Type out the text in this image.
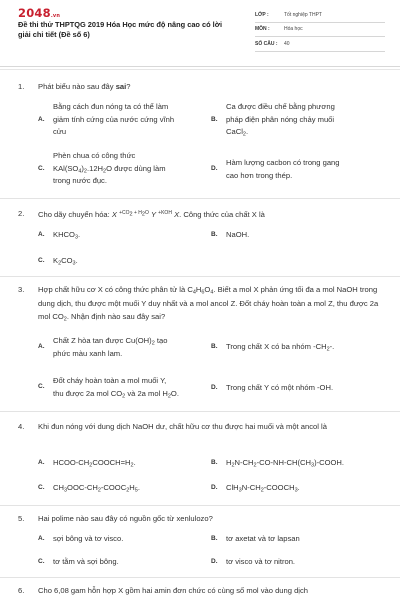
2048.vn
Đề thi thử THPTQG 2019 Hóa Học mức độ nâng cao có lời giải chi tiết (Đề số 6)
LỚP :	Tốt nghiệp THPT
MÔN :	Hóa học
SỐ CÂU :	40
1.	Phát biểu nào sau đây sai?
A.
Bằng cách đun nóng ta có thể làm
giảm tính cứng của nước cứng vĩnh
cửu
B.
Ca được điều chế bằng phương
pháp điện phân nóng chảy muối
CaCl$_2$.
C.
Phèn chua có công thức
$KAl(SO_4)_2.12H_2O$ được dùng làm
trong nước đục.
D.
Hàm lượng cacbon có trong gang
cao hơn trong thép.
2.	Cho dãy chuyển hóa: X $^{+CO_2 + H_2O}$ Y $^{+KOH}$ X. Công thức của chất X là
A. $KHCO_3$.	B. NaOH.
C. $K_2CO_3$.
3.	Hợp chất hữu cơ X có công thức phân tử là $C_4H_6O_4$. Biết a mol X phản ứng tối đa a mol NaOH trong dung dịch, thu được một muối Y duy nhất và a mol ancol Z. Đốt cháy hoàn toàn a mol Z, thu được 2a mol $CO_2$. Nhận định nào sau đây sai?
A.
Chất Z hòa tan được $Cu(OH)_2$ tạo
phức màu xanh lam.
B. Trong chất X có ba nhóm $-CH_2-$.
C.
Đốt cháy hoàn toàn a mol muối Y,
thu được 2a mol $CO_2$ và 2a mol $H_2O$.
D. Trong chất Y có một nhóm -OH.
4.	Khi đun nóng với dung dịch NaOH dư, chất hữu cơ thu được hai muối và một ancol là
A. HCOO-$CH_2COOCH=H_2$.	B. $H_2N-CH_2-CO-NH-CH(CH_3)$-COOH.
C. $CH_3OOC-CH_2-COOC_2H_5$.	D. $ClH_3N-CH_2-COOCH_3$.
5.	Hai polime nào sau đây có nguồn gốc từ xenlulozo?
A. sợi bông và tơ visco.	B. tơ axetat và tơ lapsan
C. tơ tằm và sợi bông.	D. tơ visco và tơ nitron.
6.	Cho 6,08 gam hỗn hợp X gồm hai amin đơn chức có cùng số mol vào dung dịch
